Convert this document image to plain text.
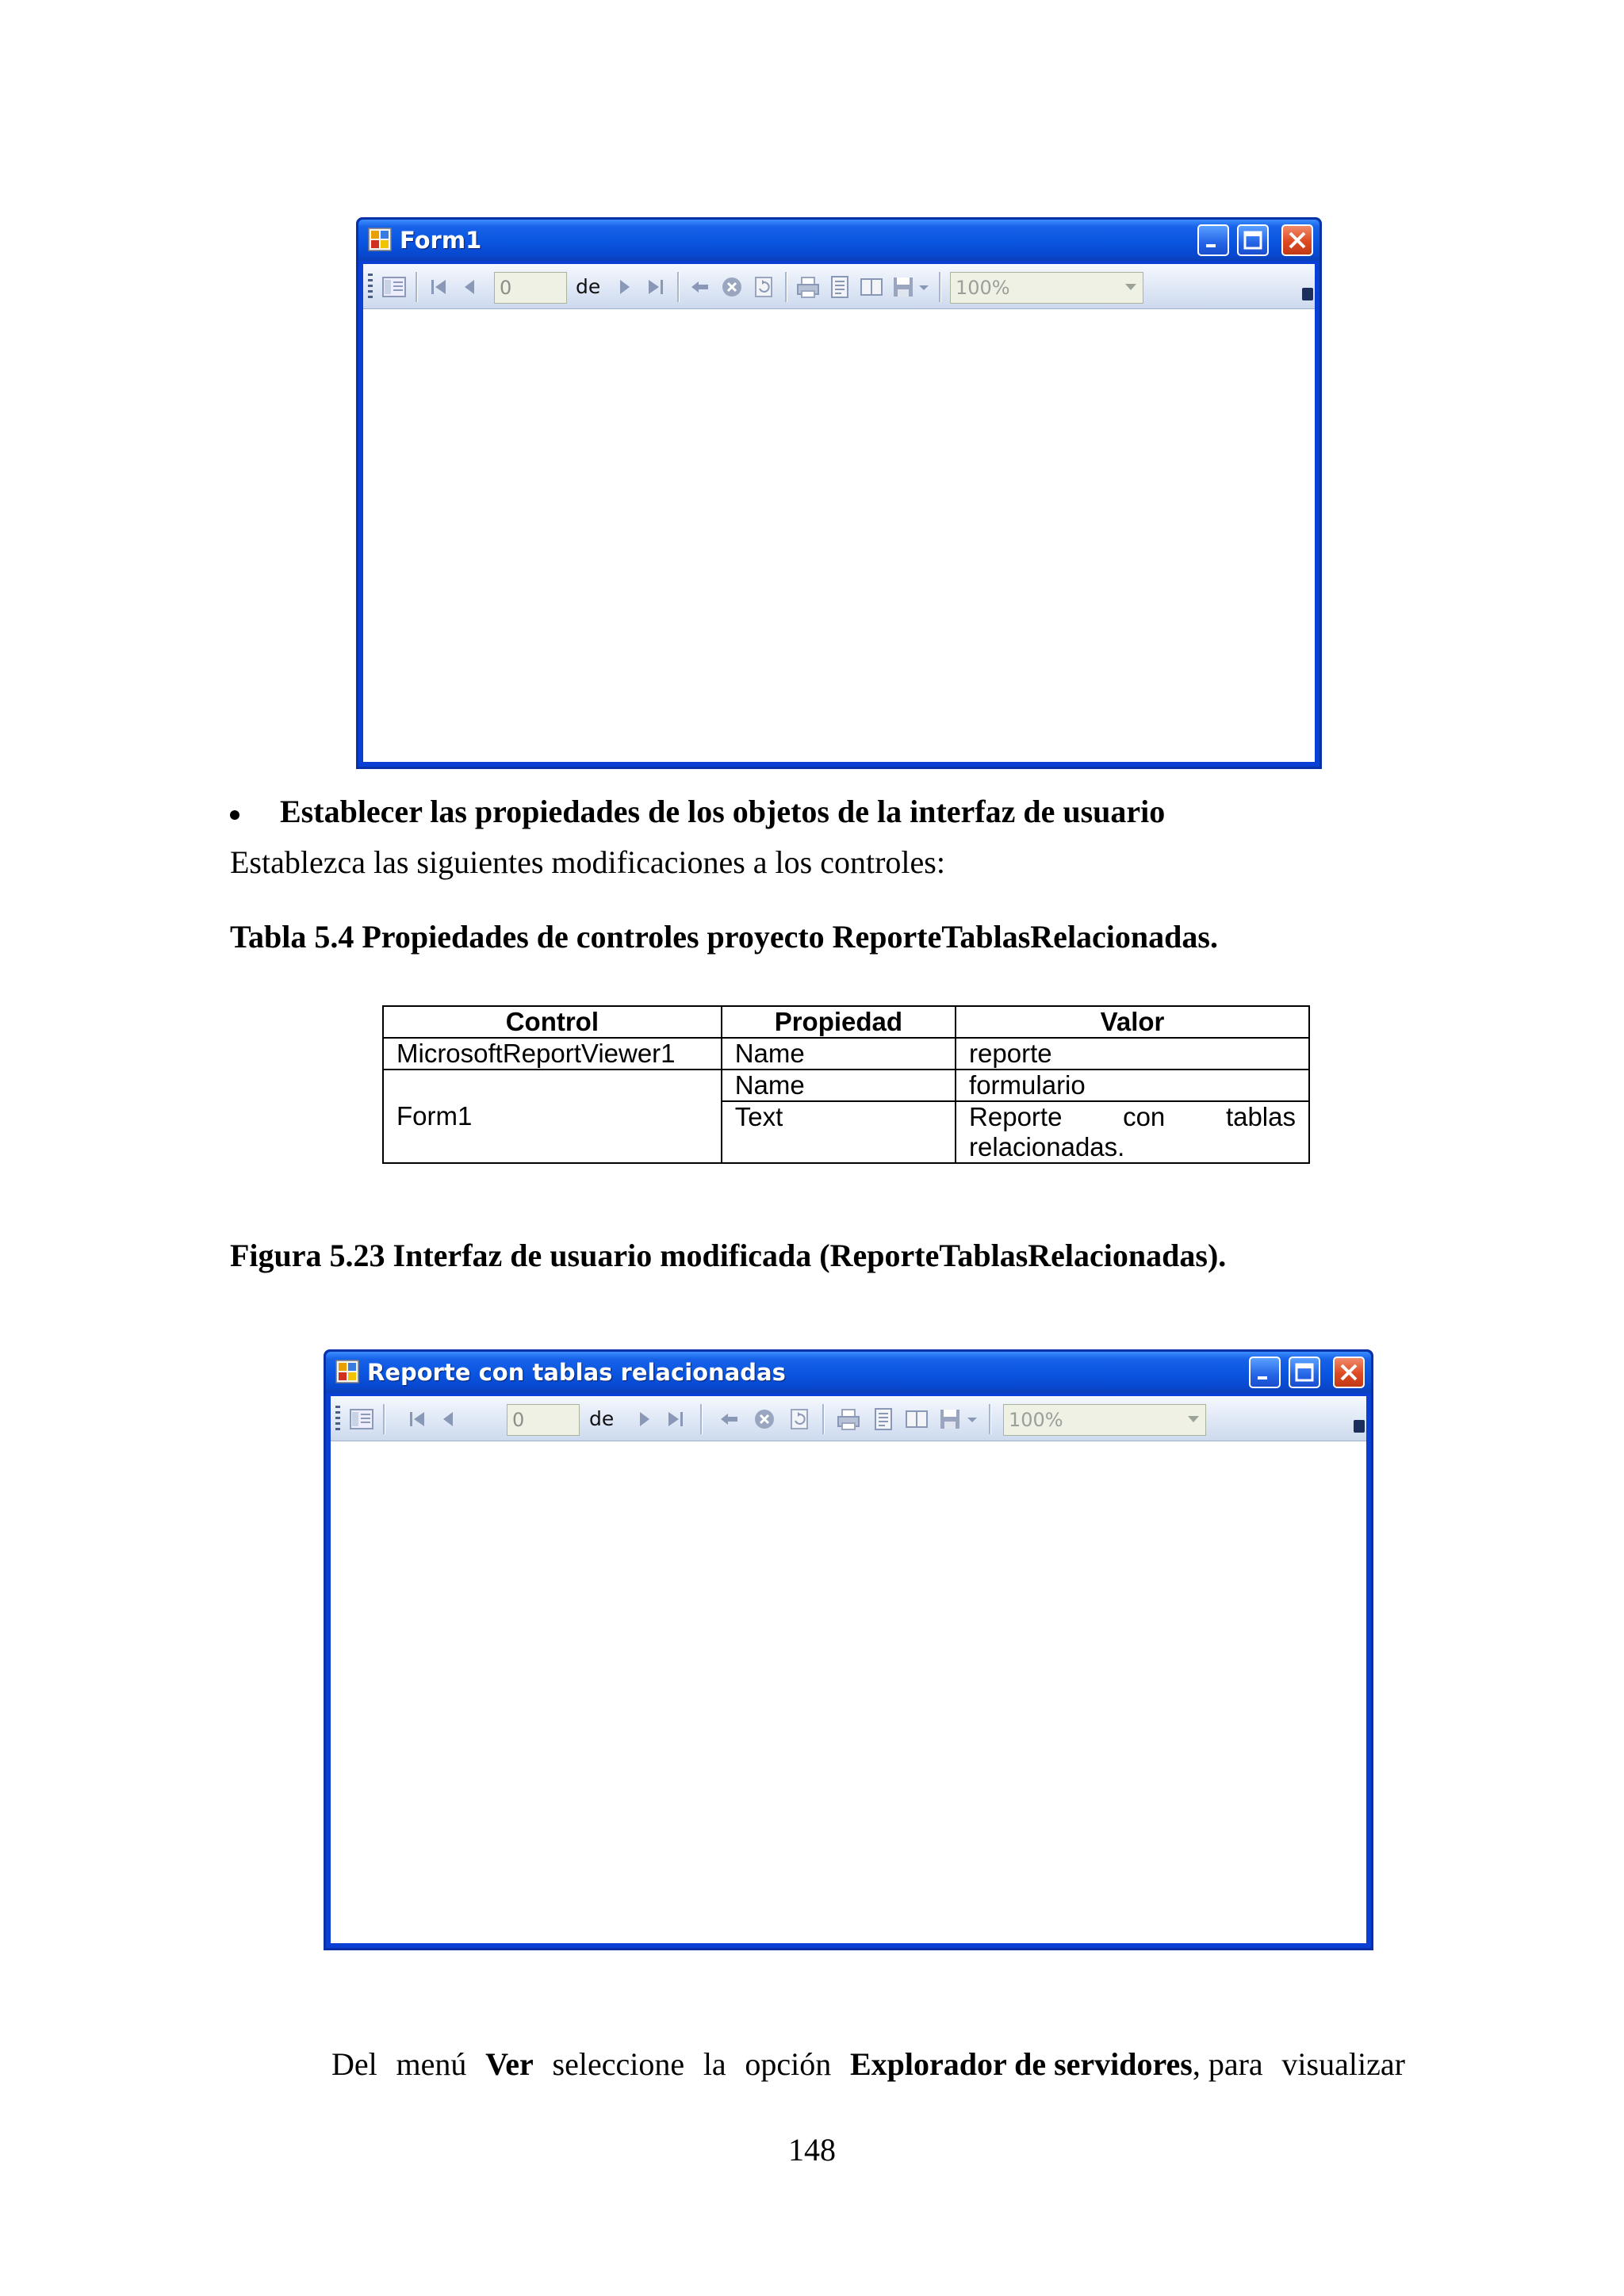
Form1
0	de	100%
Establecer las propiedades de los objetos de la interfaz de usuario
Establezca las siguientes modificaciones a los controles:
Tabla 5.4 Propiedades de controles proyecto ReporteTablasRelacionadas.
Control	Propiedad	Valor
MicrosoftReportViewer1	Name	reporte
Form1	Name	formulario
	Text	Reporte con tablas
relacionadas.
Figura 5.23 Interfaz de usuario modificada (ReporteTablasRelacionadas).
Reporte con tablas relacionadas
0	de	100%
Del menú Ver seleccione la opción Explorador de servidores, para visualizar
148
